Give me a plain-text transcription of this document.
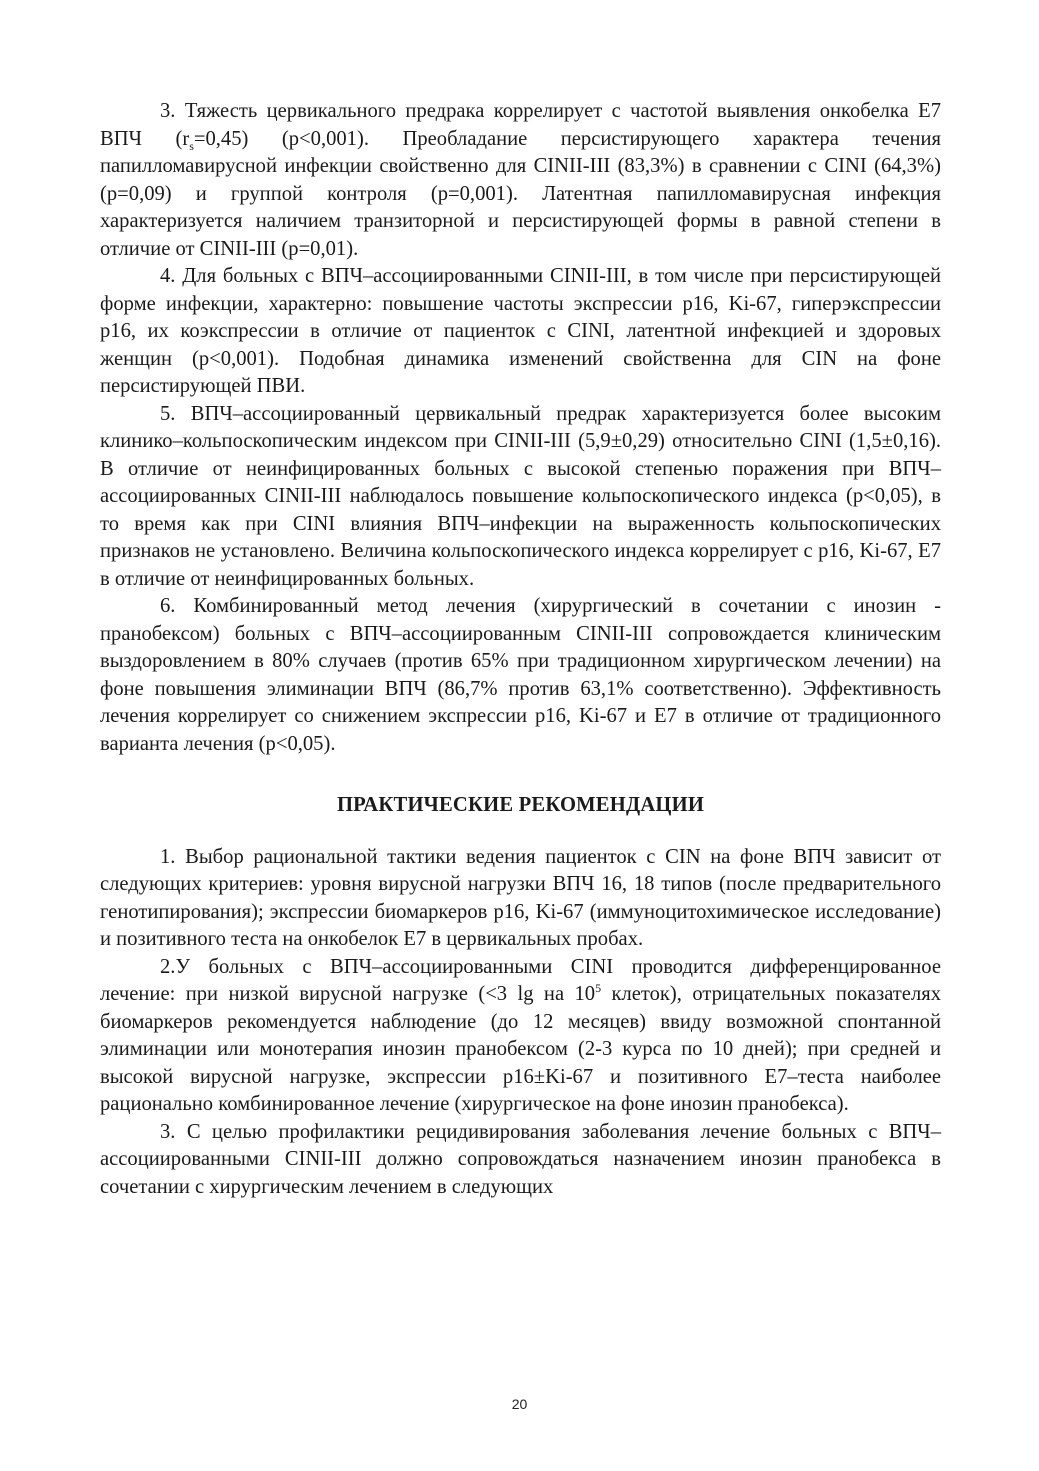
3. Тяжесть цервикального предрака коррелирует с частотой выявления онкобелка Е7 ВПЧ $(r_s=0,45)$ (р<0,001). Преобладание персистирующего характера течения папилломавирусной инфекции свойственно для CINII-III (83,3%) в сравнении с CINI (64,3%) (р=0,09) и группой контроля (р=0,001). Латентная папилломавирусная инфекция характеризуется наличием транзиторной и персистирующей формы в равной степени в отличие от CINII-III (р=0,01).

4. Для больных с ВПЧ–ассоциированными CINII-III, в том числе при персистирующей форме инфекции, характерно: повышение частоты экспрессии р16, Ki-67, гиперэкспрессии р16, их коэкспрессии в отличие от пациенток с CINI, латентной инфекцией и здоровых женщин (р<0,001). Подобная динамика изменений свойственна для CIN на фоне персистирующей ПВИ.

5. ВПЧ–ассоциированный цервикальный предрак характеризуется более высоким клинико–кольпоскопическим индексом при CINII-III (5,9±0,29) относительно CINI (1,5±0,16). В отличие от неинфицированных больных с высокой степенью поражения при ВПЧ–ассоциированных CINII-III наблюдалось повышение кольпоскопического индекса (р<0,05), в то время как при CINI влияния ВПЧ–инфекции на выраженность кольпоскопических признаков не установлено. Величина кольпоскопического индекса коррелирует с р16, Ki-67, Е7 в отличие от неинфицированных больных.

6. Комбинированный метод лечения (хирургический в сочетании с инозин - пранобексом) больных с ВПЧ–ассоциированным CINII-III сопровождается клиническим выздоровлением в 80% случаев (против 65% при традиционном хирургическом лечении) на фоне повышения элиминации ВПЧ (86,7% против 63,1% соответственно). Эффективность лечения коррелирует со снижением экспрессии р16, Ki-67 и Е7 в отличие от традиционного варианта лечения (р<0,05).

ПРАКТИЧЕСКИЕ РЕКОМЕНДАЦИИ

1. Выбор рациональной тактики ведения пациенток с CIN на фоне ВПЧ зависит от следующих критериев: уровня вирусной нагрузки ВПЧ 16, 18 типов (после предварительного генотипирования); экспрессии биомаркеров р16, Ki-67 (иммуноцитохимическое исследование) и позитивного теста на онкобелок Е7 в цервикальных пробах.

2.У больных с ВПЧ–ассоциированными CINI проводится дифференцированное лечение: при низкой вирусной нагрузке (<3 lg на $10^5$ клеток), отрицательных показателях биомаркеров рекомендуется наблюдение (до 12 месяцев) ввиду возможной спонтанной элиминации или монотерапия инозин пранобексом (2-3 курса по 10 дней); при средней и высокой вирусной нагрузке, экспрессии р16±Ki-67 и позитивного Е7–теста наиболее рационально комбинированное лечение (хирургическое на фоне инозин пранобекса).

3. С целью профилактики рецидивирования заболевания лечение больных с ВПЧ–ассоциированными CINII-III должно сопровождаться назначением инозин пранобекса в сочетании с хирургическим лечением в следующих

20
